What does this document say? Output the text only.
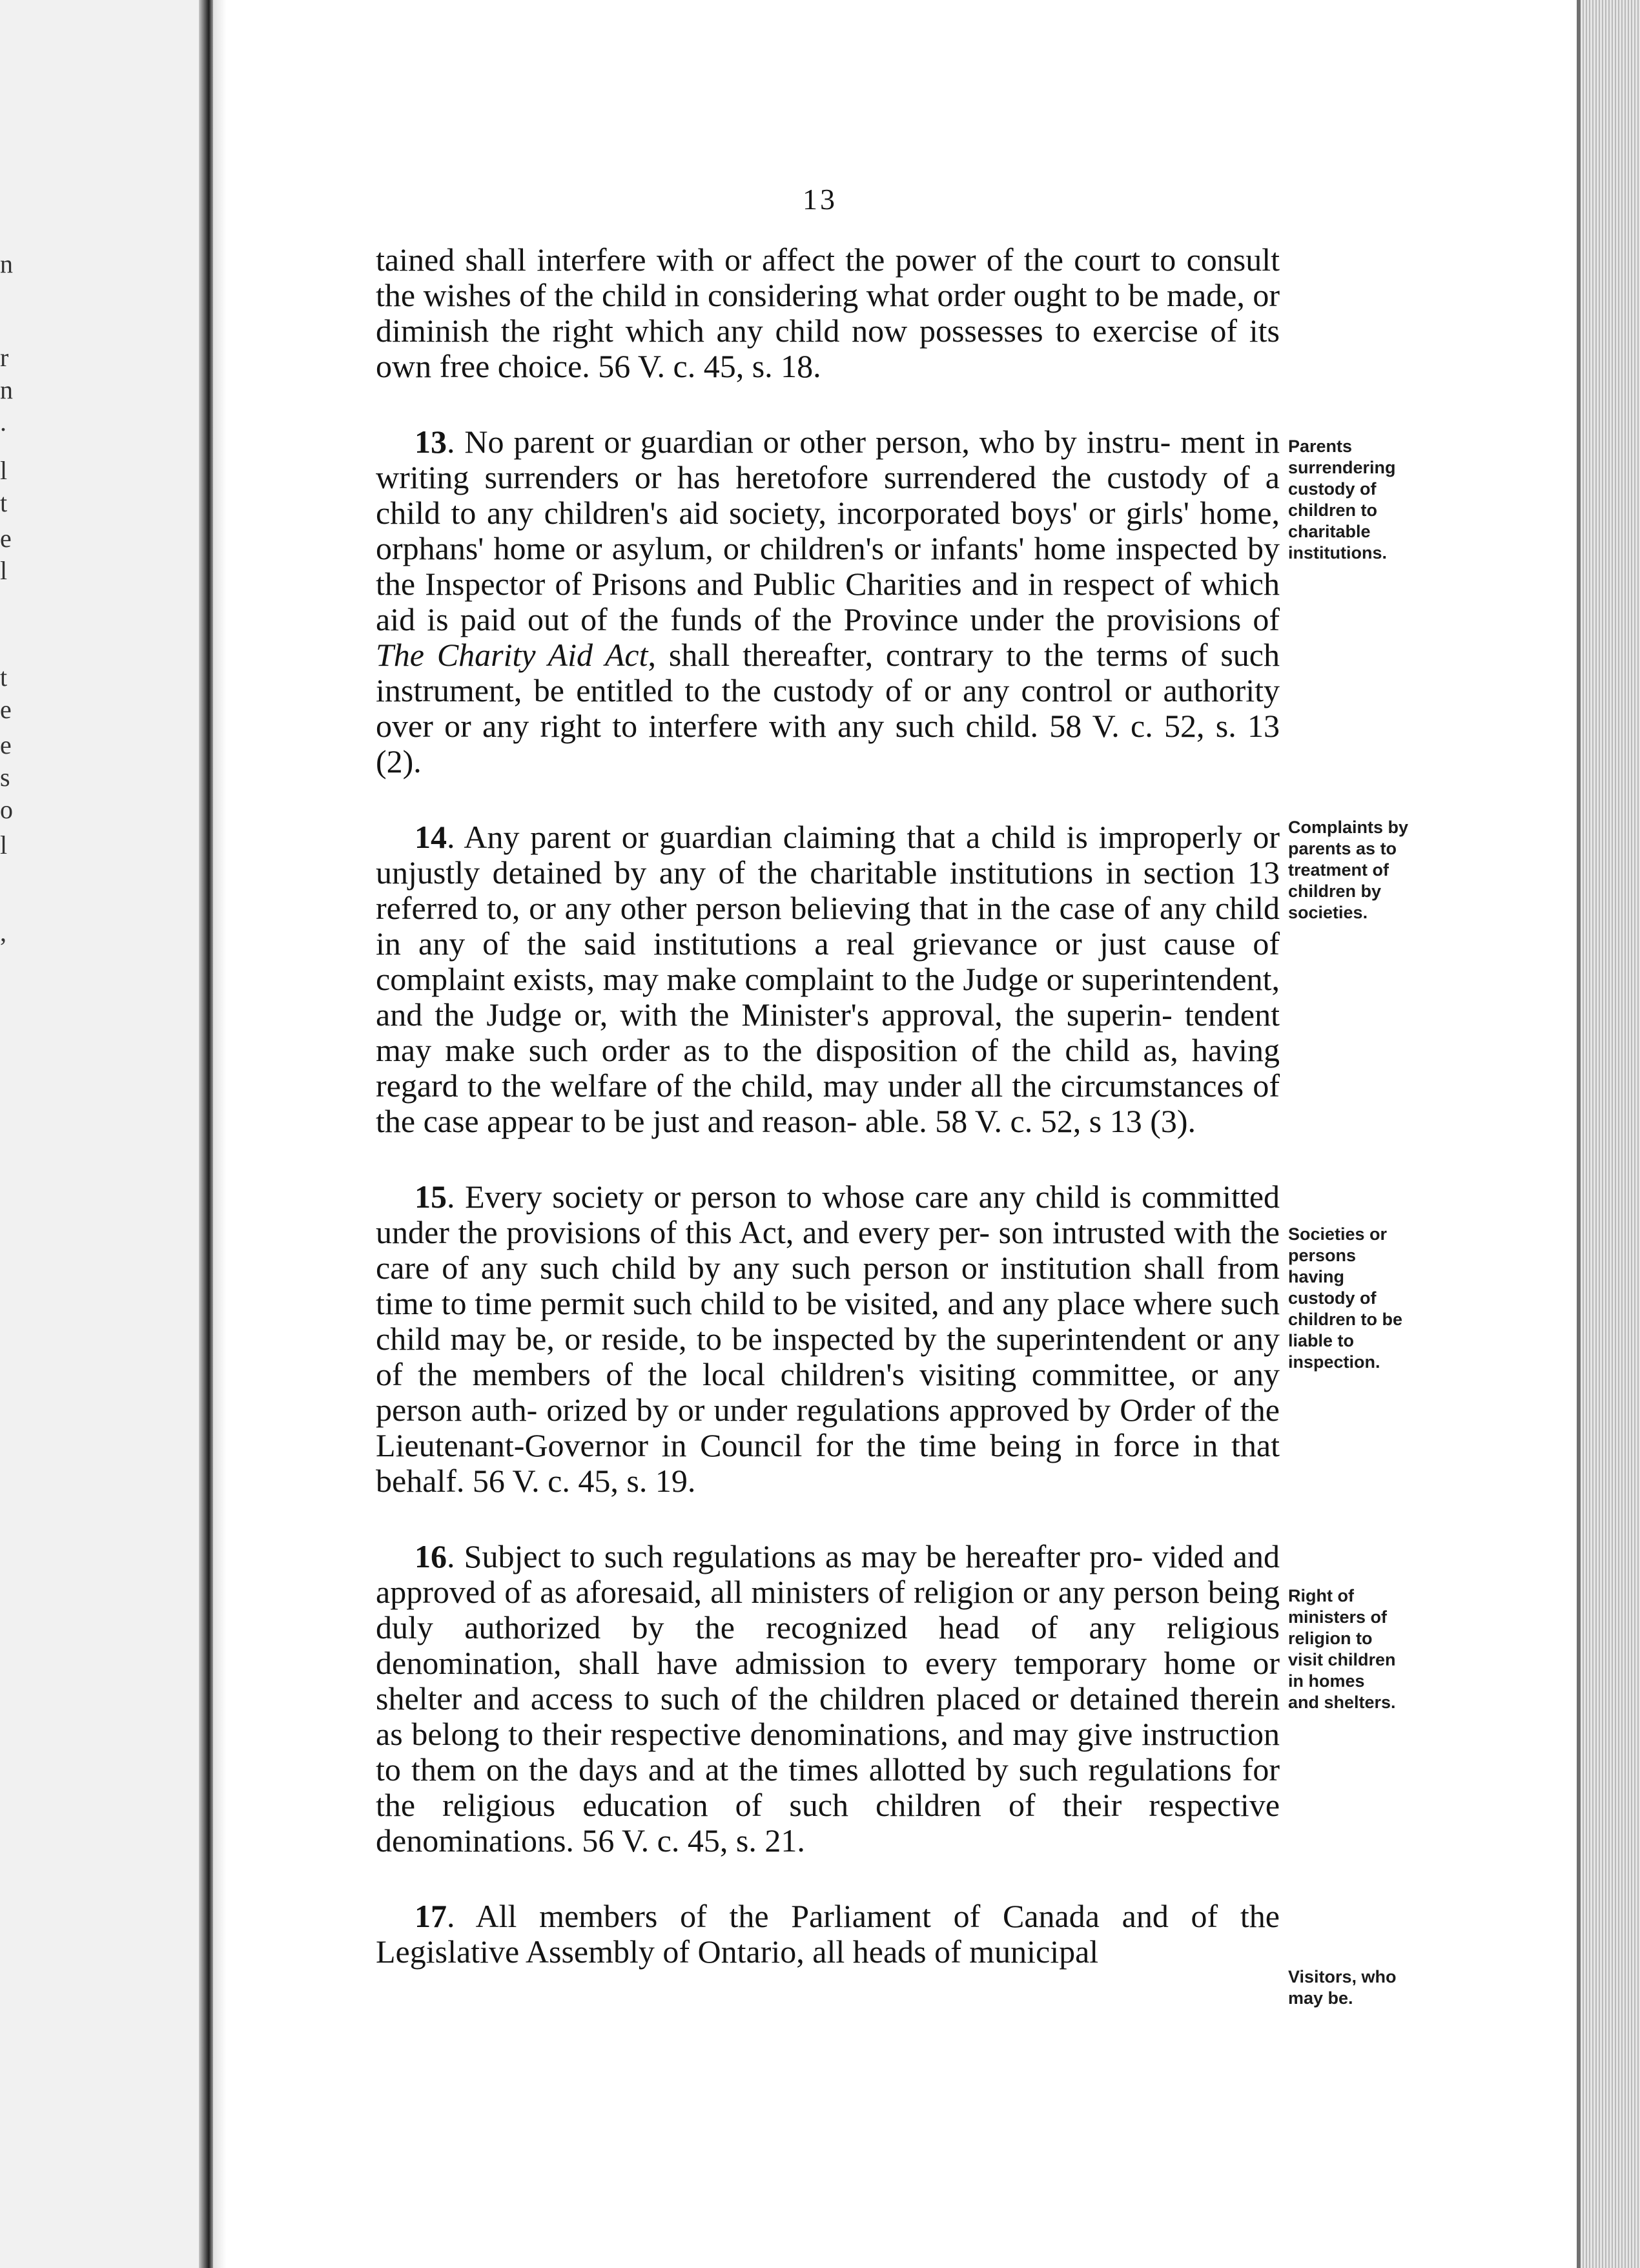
n
r
n
.
l
t
e
l
t
e
e
s
o
l
,
13

tained shall interfere with or affect the power of the court to consult the wishes of the child in considering what order ought to be made, or diminish the right which any child now possesses to exercise of its own free choice. 56 V. c. 45, s. 18.

13. No parent or guardian or other person, who by instru- ment in writing surrenders or has heretofore surrendered the custody of a child to any children's aid society, incorporated boys' or girls' home, orphans' home or asylum, or children's or infants' home inspected by the Inspector of Prisons and Public Charities and in respect of which aid is paid out of the funds of the Province under the provisions of The Charity Aid Act, shall thereafter, contrary to the terms of such instrument, be entitled to the custody of or any control or authority over or any right to interfere with any such child. 58 V. c. 52, s. 13 (2).

14. Any parent or guardian claiming that a child is improperly or unjustly detained by any of the charitable institutions in section 13 referred to, or any other person believing that in the case of any child in any of the said institutions a real grievance or just cause of complaint exists, may make complaint to the Judge or superintendent, and the Judge or, with the Minister's approval, the superin- tendent may make such order as to the disposition of the child as, having regard to the welfare of the child, may under all the circumstances of the case appear to be just and reason- able. 58 V. c. 52, s 13 (3).

15. Every society or person to whose care any child is committed under the provisions of this Act, and every per- son intrusted with the care of any such child by any such person or institution shall from time to time permit such child to be visited, and any place where such child may be, or reside, to be inspected by the superintendent or any of the members of the local children's visiting committee, or any person auth- orized by or under regulations approved by Order of the Lieutenant-Governor in Council for the time being in force in that behalf. 56 V. c. 45, s. 19.

16. Subject to such regulations as may be hereafter pro- vided and approved of as aforesaid, all ministers of religion or any person being duly authorized by the recognized head of any religious denomination, shall have admission to every temporary home or shelter and access to such of the children placed or detained therein as belong to their respective denominations, and may give instruction to them on the days and at the times allotted by such regulations for the religious education of such children of their respective denominations. 56 V. c. 45, s. 21.

17. All members of the Parliament of Canada and of the Legislative Assembly of Ontario, all heads of municipal

Parents
surrendering
custody of
children to
charitable
institutions.
Complaints by
parents as to
treatment of
children by
societies.
Societies or
persons
having
custody of
children to be
liable to
inspection.
Right of
ministers of
religion to
visit children
in homes
and shelters.
Visitors, who
may be.
